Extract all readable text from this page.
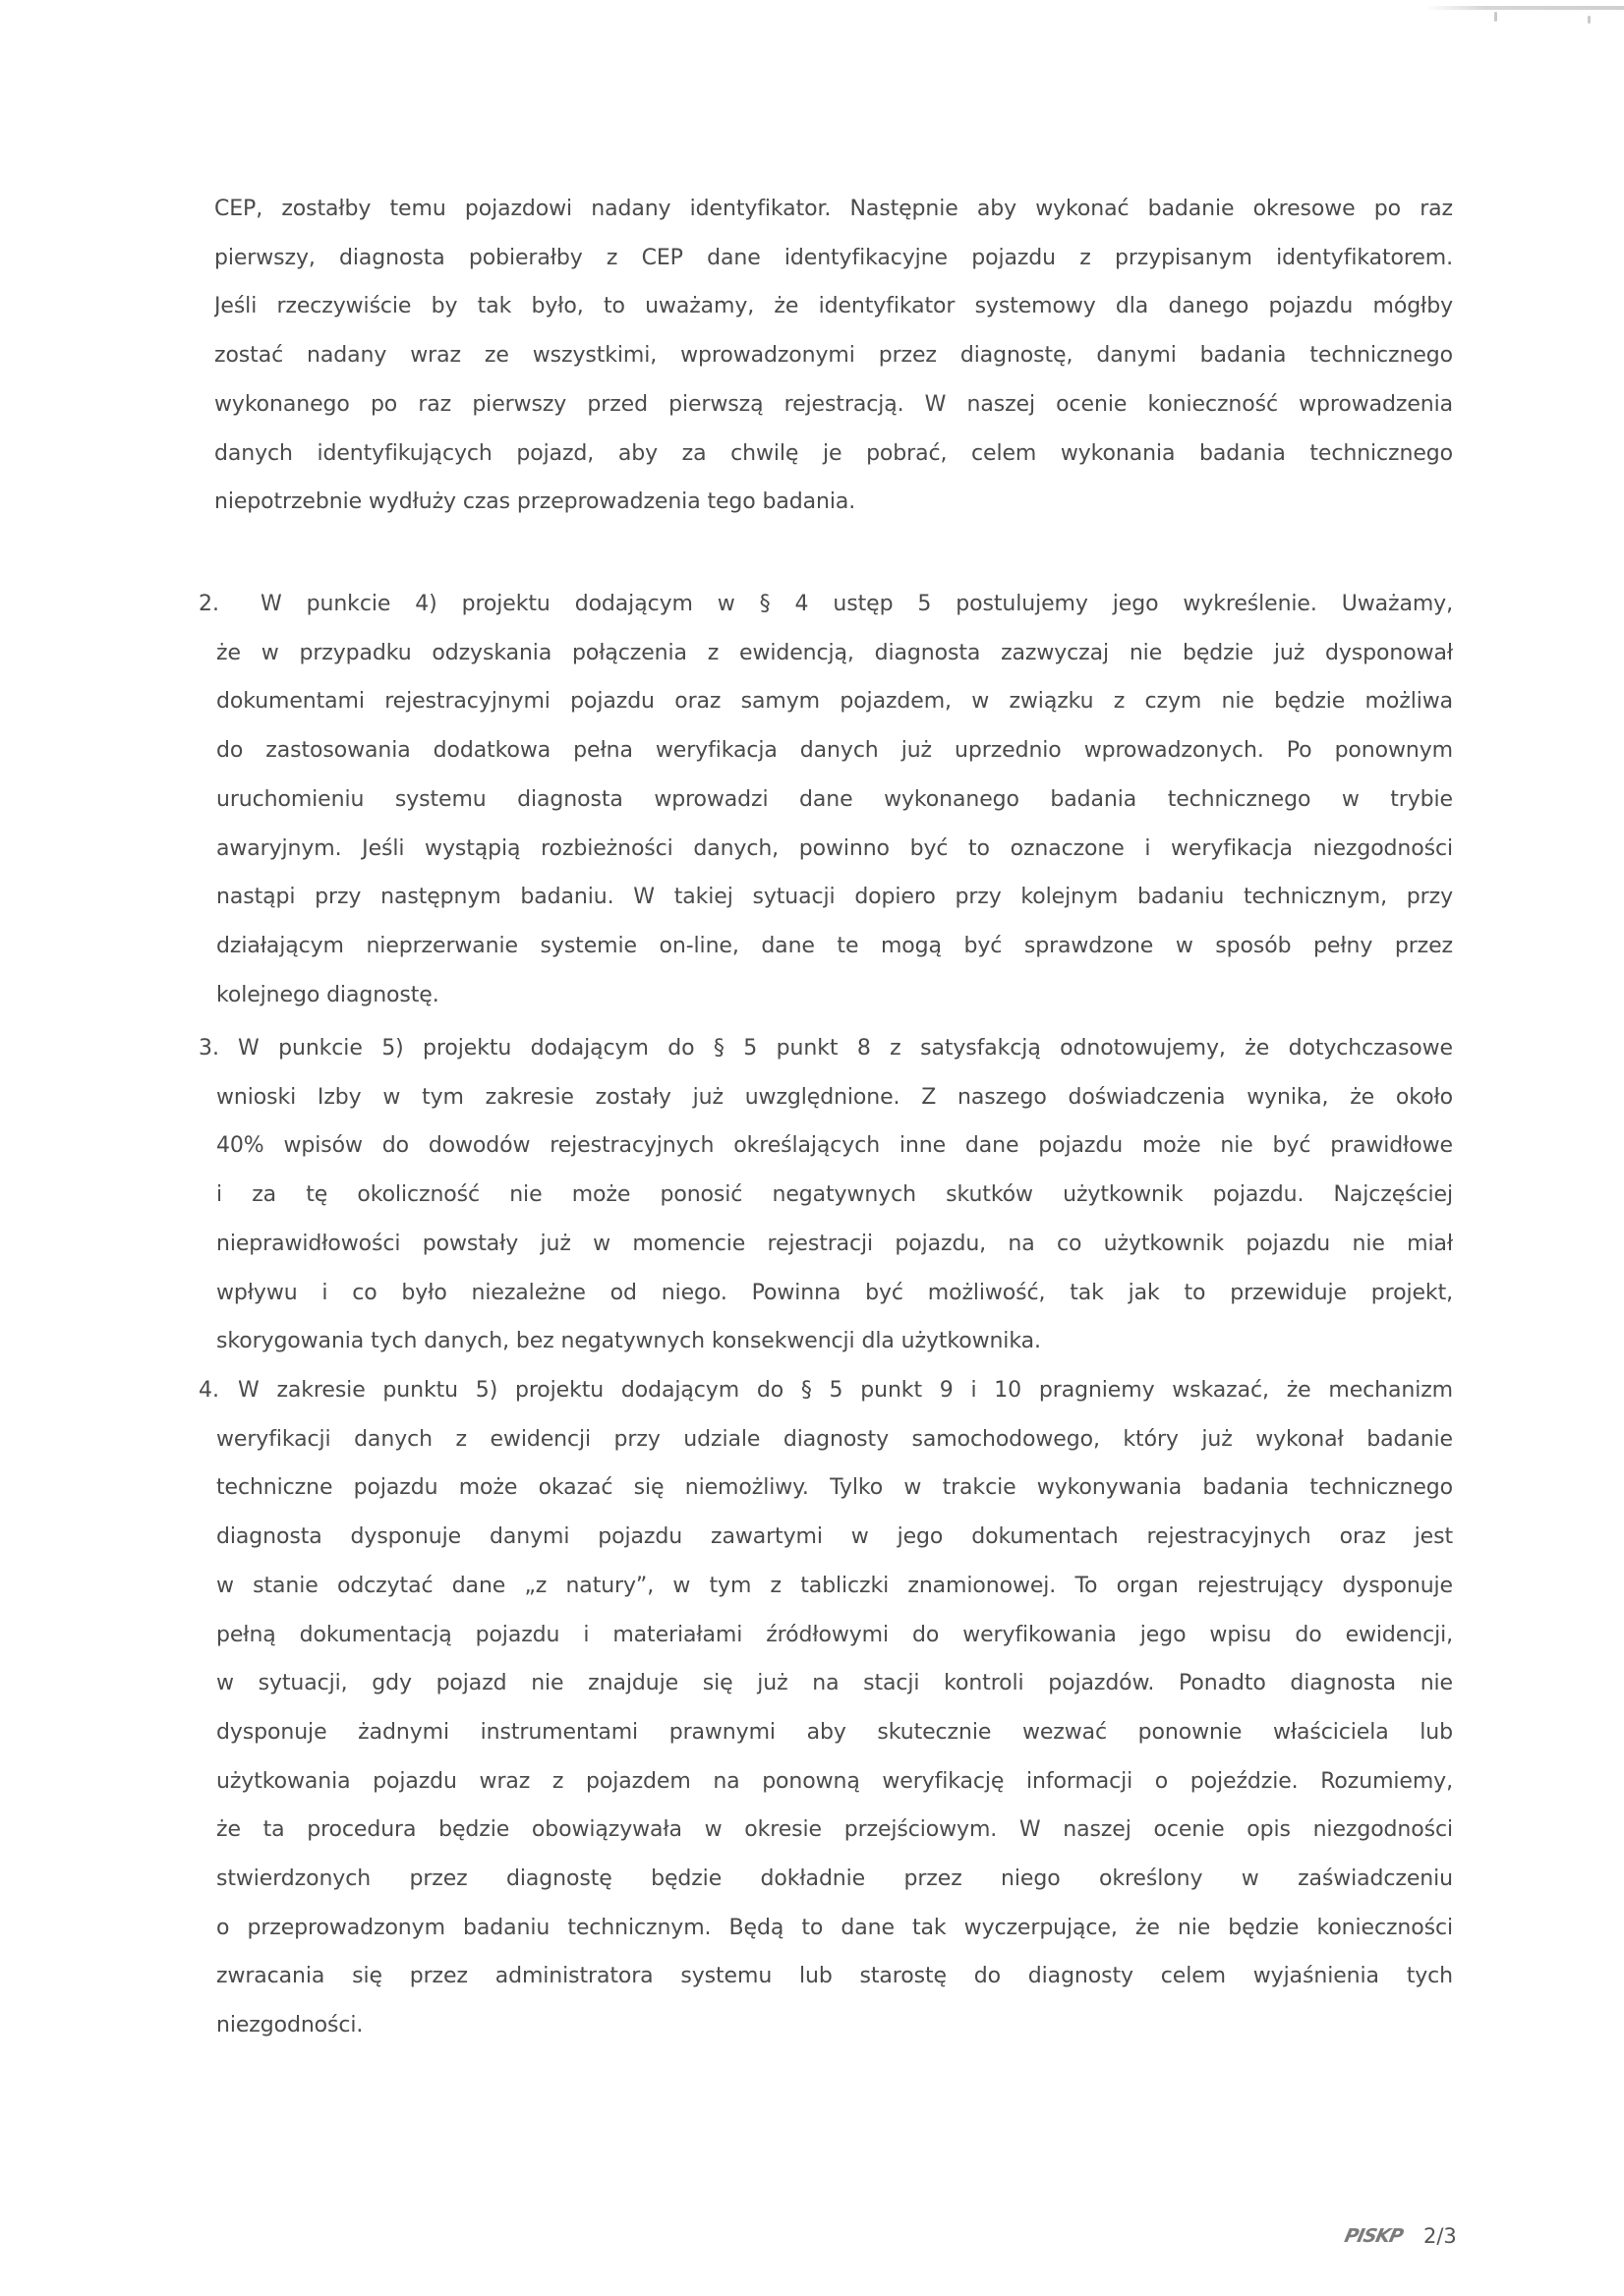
CEP, zostałby temu pojazdowi nadany identyfikator. Następnie aby wykonać badanie okresowe po raz
pierwszy, diagnosta pobierałby z CEP dane identyfikacyjne pojazdu z przypisanym identyfikatorem.
Jeśli rzeczywiście by tak było, to uważamy, że identyfikator systemowy dla danego pojazdu mógłby
zostać nadany wraz ze wszystkimi, wprowadzonymi przez diagnostę, danymi badania technicznego
wykonanego po raz pierwszy przed pierwszą rejestracją. W naszej ocenie konieczność wprowadzenia
danych identyfikujących pojazd, aby za chwilę je pobrać, celem wykonania badania technicznego
niepotrzebnie wydłuży czas przeprowadzenia tego badania.
2. W punkcie 4) projektu dodającym w § 4 ustęp 5 postulujemy jego wykreślenie. Uważamy,
że w przypadku odzyskania połączenia z ewidencją, diagnosta zazwyczaj nie będzie już dysponował
dokumentami rejestracyjnymi pojazdu oraz samym pojazdem, w związku z czym nie będzie możliwa
do zastosowania dodatkowa pełna weryfikacja danych już uprzednio wprowadzonych. Po ponownym
uruchomieniu systemu diagnosta wprowadzi dane wykonanego badania technicznego w trybie
awaryjnym. Jeśli wystąpią rozbieżności danych, powinno być to oznaczone i weryfikacja niezgodności
nastąpi przy następnym badaniu. W takiej sytuacji dopiero przy kolejnym badaniu technicznym, przy
działającym nieprzerwanie systemie on-line, dane te mogą być sprawdzone w sposób pełny przez
kolejnego diagnostę.
3. W punkcie 5) projektu dodającym do § 5 punkt 8 z satysfakcją odnotowujemy, że dotychczasowe
wnioski Izby w tym zakresie zostały już uwzględnione. Z naszego doświadczenia wynika, że około
40% wpisów do dowodów rejestracyjnych określających inne dane pojazdu może nie być prawidłowe
i za tę okoliczność nie może ponosić negatywnych skutków użytkownik pojazdu. Najczęściej
nieprawidłowości powstały już w momencie rejestracji pojazdu, na co użytkownik pojazdu nie miał
wpływu i co było niezależne od niego. Powinna być możliwość, tak jak to przewiduje projekt,
skorygowania tych danych, bez negatywnych konsekwencji dla użytkownika.
4. W zakresie punktu 5) projektu dodającym do § 5 punkt 9 i 10 pragniemy wskazać, że mechanizm
weryfikacji danych z ewidencji przy udziale diagnosty samochodowego, który już wykonał badanie
techniczne pojazdu może okazać się niemożliwy. Tylko w trakcie wykonywania badania technicznego
diagnosta dysponuje danymi pojazdu zawartymi w jego dokumentach rejestracyjnych oraz jest
w stanie odczytać dane „z natury”, w tym z tabliczki znamionowej. To organ rejestrujący dysponuje
pełną dokumentacją pojazdu i materiałami źródłowymi do weryfikowania jego wpisu do ewidencji,
w sytuacji, gdy pojazd nie znajduje się już na stacji kontroli pojazdów. Ponadto diagnosta nie
dysponuje żadnymi instrumentami prawnymi aby skutecznie wezwać ponownie właściciela lub
użytkowania pojazdu wraz z pojazdem na ponowną weryfikację informacji o pojeździe. Rozumiemy,
że ta procedura będzie obowiązywała w okresie przejściowym. W naszej ocenie opis niezgodności
stwierdzonych przez diagnostę będzie dokładnie przez niego określony w zaświadczeniu
o przeprowadzonym badaniu technicznym. Będą to dane tak wyczerpujące, że nie będzie konieczności
zwracania się przez administratora systemu lub starostę do diagnosty celem wyjaśnienia tych
niezgodności.
PISKP 2/3
